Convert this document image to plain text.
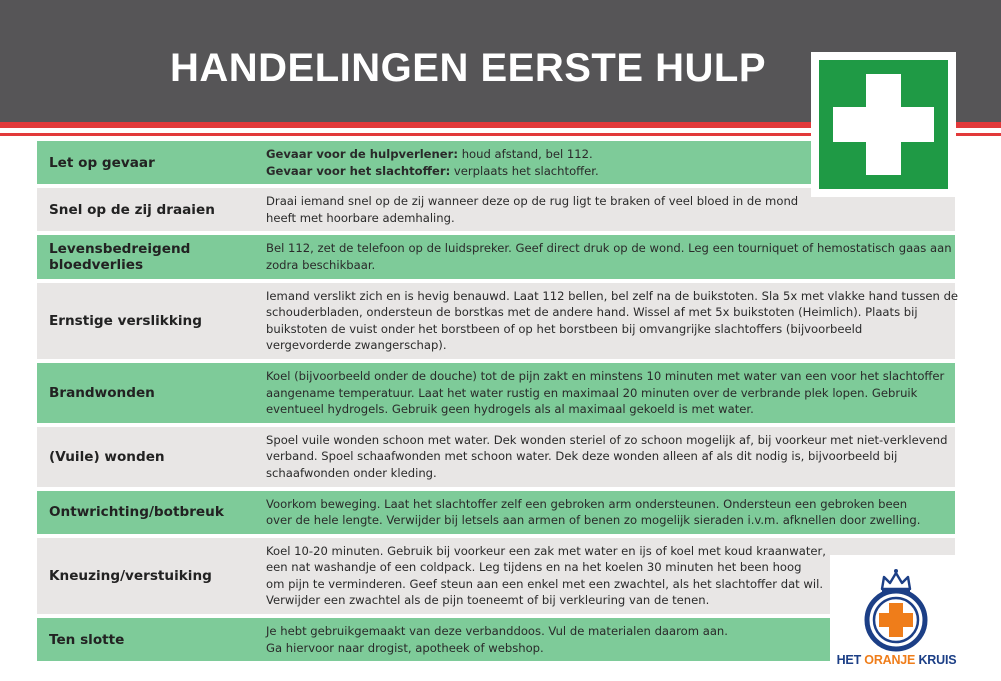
HANDELINGEN EERSTE HULP
Let op gevaar
Gevaar voor de hulpverlener: houd afstand, bel 112.
Gevaar voor het slachtoffer: verplaats het slachtoffer.
Snel op de zij draaien
Draai iemand snel op de zij wanneer deze op de rug ligt te braken of veel bloed in de mond
heeft met hoorbare ademhaling.
Levensbedreigend bloedverlies
Bel 112, zet de telefoon op de luidspreker. Geef direct druk op de wond. Leg een tourniquet of hemostatisch gaas aan
zodra beschikbaar.
Ernstige verslikking
Iemand verslikt zich en is hevig benauwd. Laat 112 bellen, bel zelf na de buikstoten. Sla 5x met vlakke hand tussen de
schouderbladen, ondersteun de borstkas met de andere hand. Wissel af met 5x buikstoten (Heimlich). Plaats bij
buikstoten de vuist onder het borstbeen of op het borstbeen bij omvangrijke slachtoffers (bijvoorbeeld
vergevorderde zwangerschap).
Brandwonden
Koel (bijvoorbeeld onder de douche) tot de pijn zakt en minstens 10 minuten met water van een voor het slachtoffer
aangename temperatuur. Laat het water rustig en maximaal 20 minuten over de verbrande plek lopen. Gebruik
eventueel hydrogels. Gebruik geen hydrogels als al maximaal gekoeld is met water.
(Vuile) wonden
Spoel vuile wonden schoon met water. Dek wonden steriel of zo schoon mogelijk af, bij voorkeur met niet-verklevend
verband. Spoel schaafwonden met schoon water. Dek deze wonden alleen af als dit nodig is, bijvoorbeeld bij
schaafwonden onder kleding.
Ontwrichting/botbreuk
Voorkom beweging. Laat het slachtoffer zelf een gebroken arm ondersteunen. Ondersteun een gebroken been
over de hele lengte. Verwijder bij letsels aan armen of benen zo mogelijk sieraden i.v.m. afknellen door zwelling.
Kneuzing/verstuiking
Koel 10-20 minuten. Gebruik bij voorkeur een zak met water en ijs of koel met koud kraanwater,
een nat washandje of een coldpack. Leg tijdens en na het koelen 30 minuten het been hoog
om pijn te verminderen. Geef steun aan een enkel met een zwachtel, als het slachtoffer dat wil.
Verwijder een zwachtel als de pijn toeneemt of bij verkleuring van de tenen.
Ten slotte
Je hebt gebruikgemaakt van deze verbanddoos. Vul de materialen daarom aan.
Ga hiervoor naar drogist, apotheek of webshop.
HET ORANJE KRUIS
